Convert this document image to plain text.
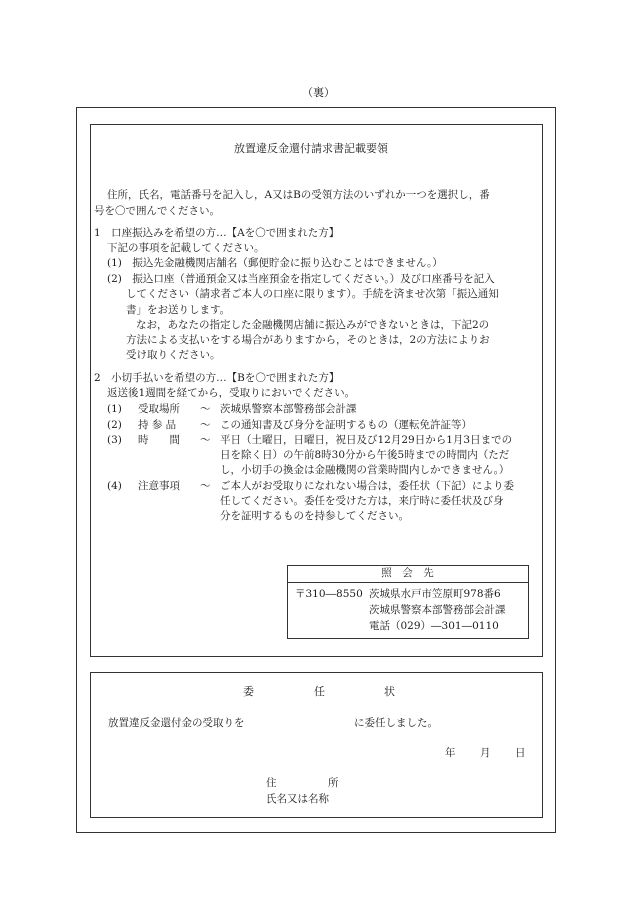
（裏）
放置違反金還付請求書記載要領
住所，氏名，電話番号を記入し，A又はBの受領方法のいずれか一つを選択し，番
号を〇で囲んでください。
1　口座振込みを希望の方…【Aを〇で囲まれた方】
下記の事項を記載してください。
(1)　振込先金融機関店舗名（郵便貯金に振り込むことはできません。）
(2)　振込口座（普通預金又は当座預金を指定してください。）及び口座番号を記入
してください（請求者ご本人の口座に限ります）。手続を済ませ次第「振込通知
書」をお送りします。
なお，あなたの指定した金融機関店舗に振込みができないときは，下記2の
方法による支払いをする場合がありますから，そのときは，2の方法によりお
受け取りください。
2　小切手払いを希望の方…【Bを〇で囲まれた方】
返送後1週間を経てから，受取りにおいでください。
(1) 受取場所 ～ 茨城県警察本部警務部会計課
(2) 持 参 品 ～ この通知書及び身分を証明するもの（運転免許証等）
(3) 時　　間 ～ 平日（土曜日，日曜日，祝日及び12月29日から1月3日までの
日を除く日）の午前8時30分から午後5時までの時間内（ただ
し，小切手の換金は金融機関の営業時間内しかできません。）
(4) 注意事項 ～ ご本人がお受取りになれない場合は，委任状（下記）により委
任してください。委任を受けた方は，来庁時に委任状及び身
分を証明するものを持参してください。
照　会　先
〒310―8550 茨城県水戸市笠原町978番6
茨城県警察本部警務部会計課
電話（029）―301―0110
委	任	状
放置違反金還付金の受取りを	に委任しました。
年 月 日
住	所
氏名又は名称
